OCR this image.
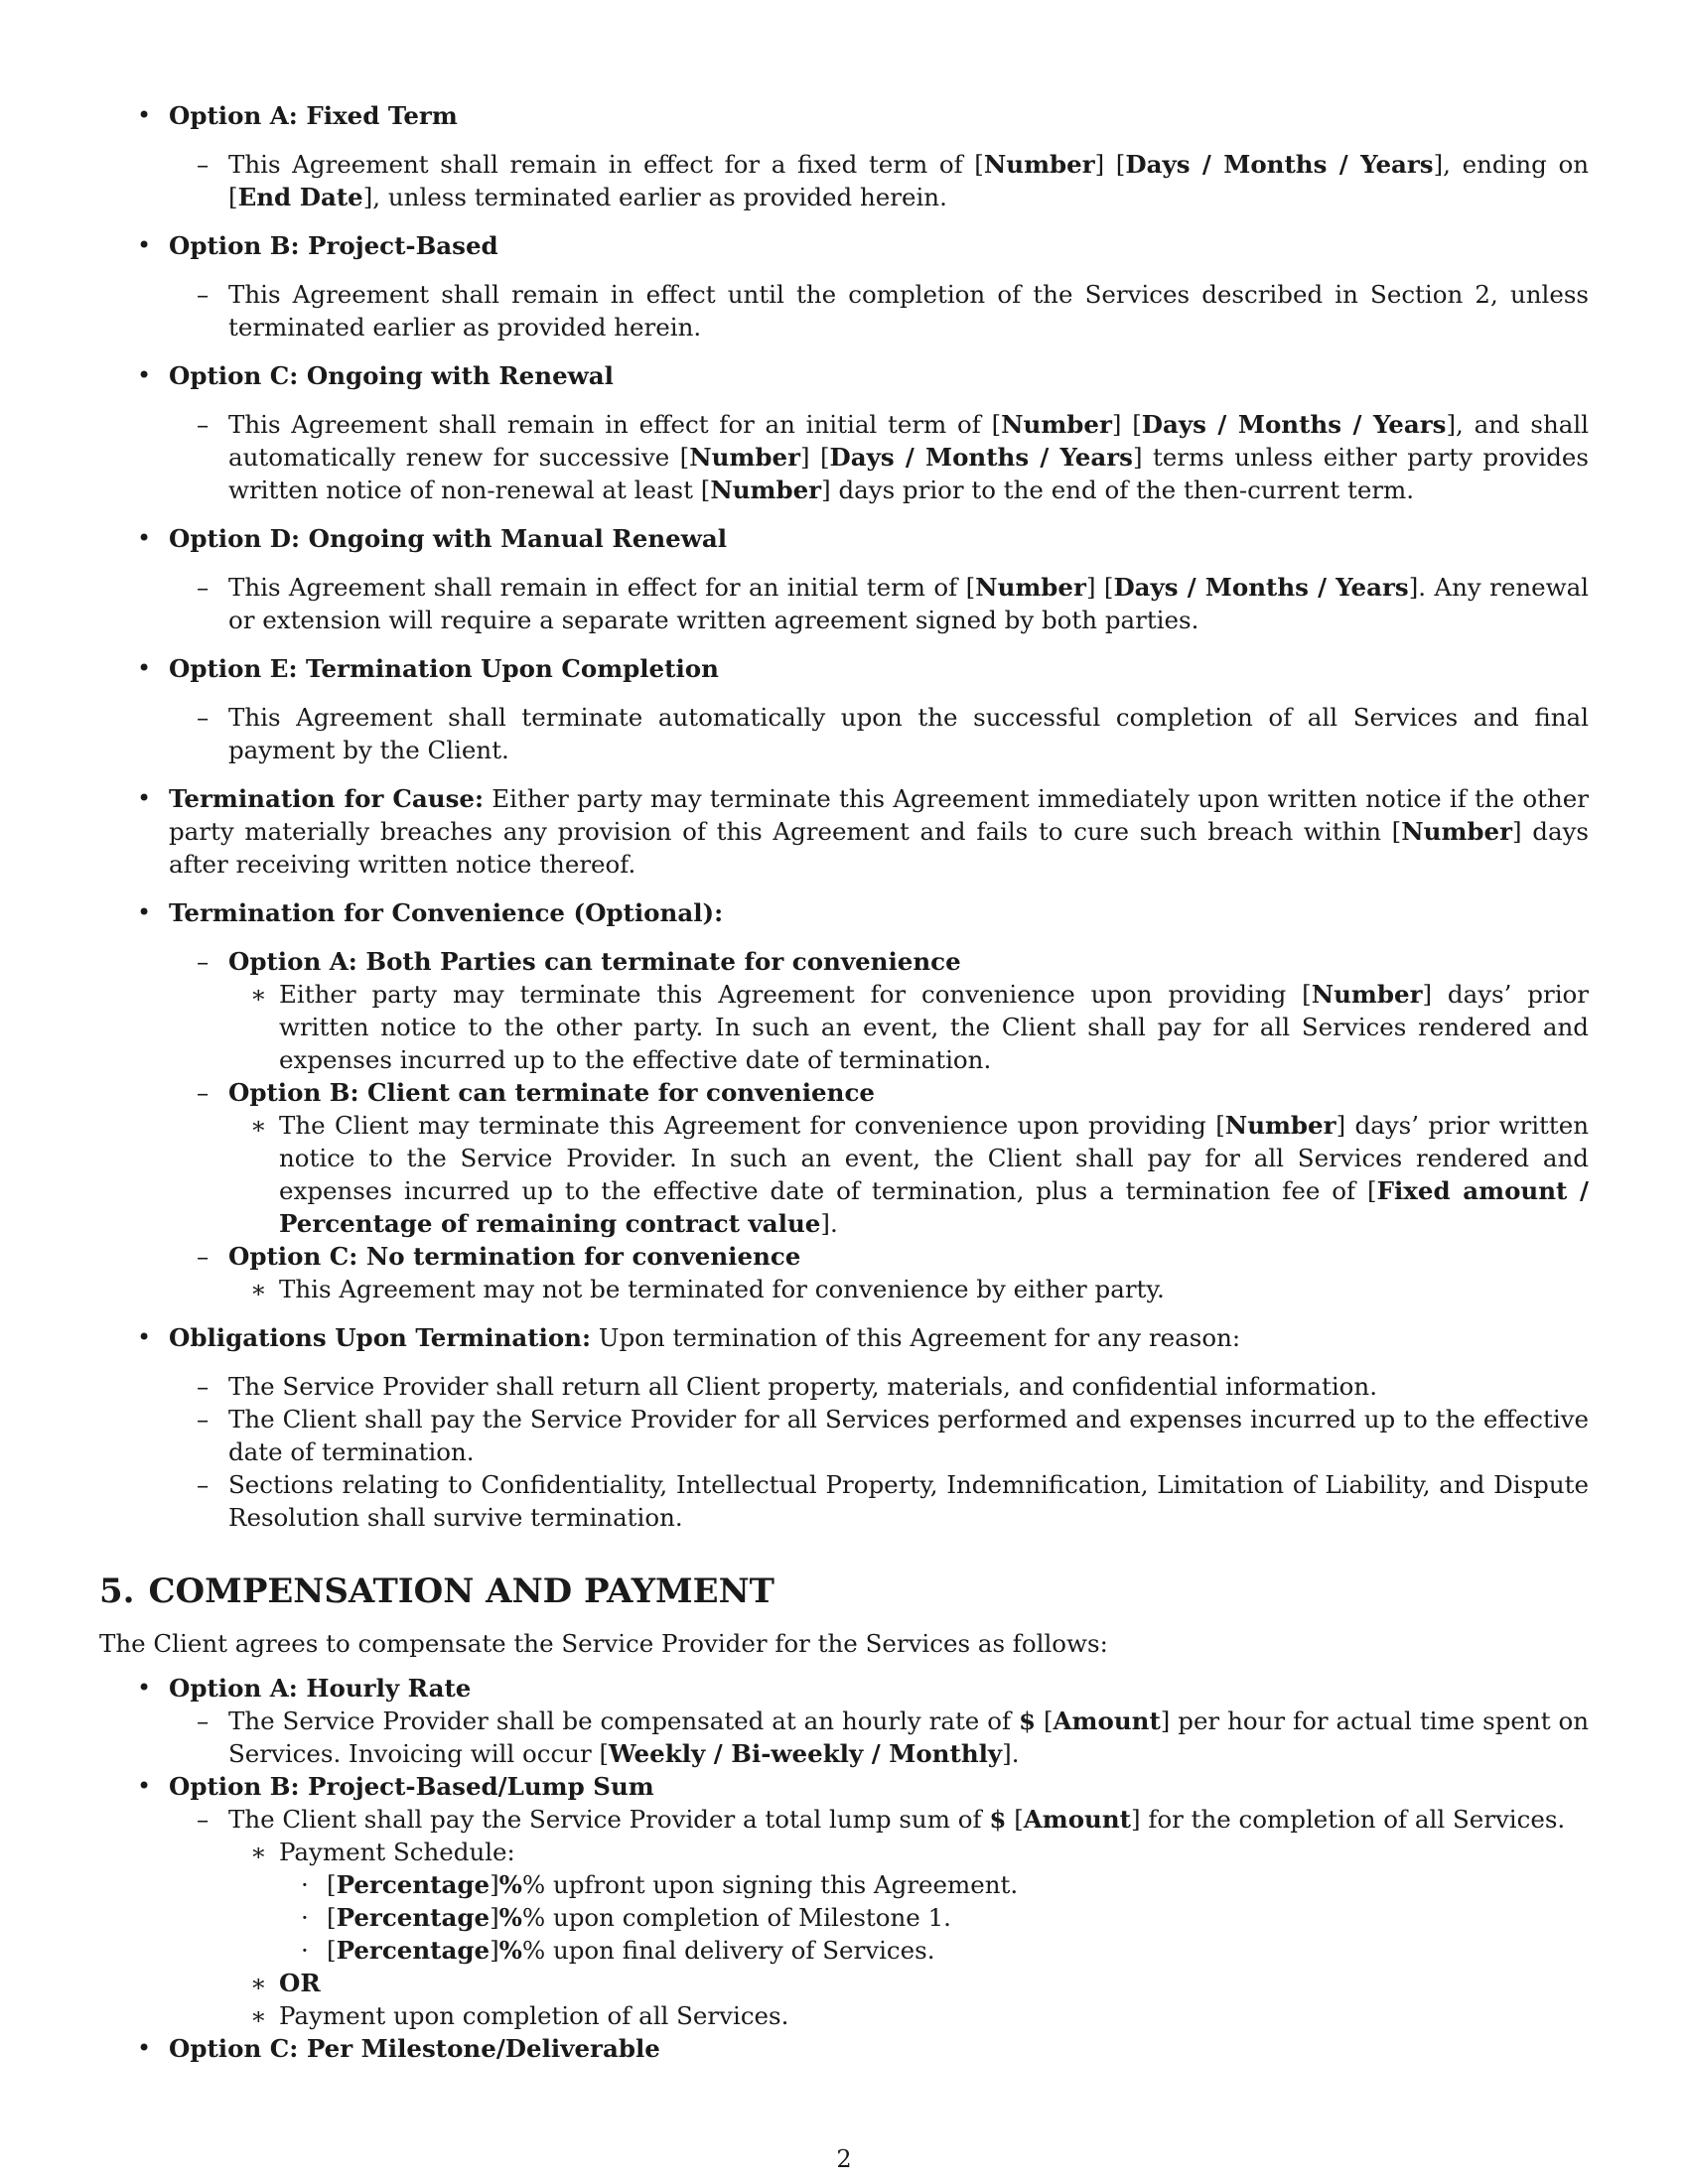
• Option A: Fixed Term
– This Agreement shall remain in effect for a fixed term of [Number] [Days / Months / Years], ending on [End Date], unless terminated earlier as provided herein.
• Option B: Project-Based
– This Agreement shall remain in effect until the completion of the Services described in Section 2, unless terminated earlier as provided herein.
• Option C: Ongoing with Renewal
– This Agreement shall remain in effect for an initial term of [Number] [Days / Months / Years], and shall automatically renew for successive [Number] [Days / Months / Years] terms unless either party provides written notice of non-renewal at least [Number] days prior to the end of the then-current term.
• Option D: Ongoing with Manual Renewal
– This Agreement shall remain in effect for an initial term of [Number] [Days / Months / Years]. Any renewal or extension will require a separate written agreement signed by both parties.
• Option E: Termination Upon Completion
– This Agreement shall terminate automatically upon the successful completion of all Services and final payment by the Client.
• Termination for Cause: Either party may terminate this Agreement immediately upon written notice if the other party materially breaches any provision of this Agreement and fails to cure such breach within [Number] days after receiving written notice thereof.
• Termination for Convenience (Optional):
– Option A: Both Parties can terminate for convenience
∗ Either party may terminate this Agreement for convenience upon providing [Number] days’ prior written notice to the other party. In such an event, the Client shall pay for all Services rendered and expenses incurred up to the effective date of termination.
– Option B: Client can terminate for convenience
∗ The Client may terminate this Agreement for convenience upon providing [Number] days’ prior written notice to the Service Provider. In such an event, the Client shall pay for all Services rendered and expenses incurred up to the effective date of termination, plus a termination fee of [Fixed amount / Percentage of remaining contract value].
– Option C: No termination for convenience
∗ This Agreement may not be terminated for convenience by either party.
• Obligations Upon Termination: Upon termination of this Agreement for any reason:
– The Service Provider shall return all Client property, materials, and confidential information.
– The Client shall pay the Service Provider for all Services performed and expenses incurred up to the effective date of termination.
– Sections relating to Confidentiality, Intellectual Property, Indemnification, Limitation of Liability, and Dispute Resolution shall survive termination.
5. COMPENSATION AND PAYMENT
The Client agrees to compensate the Service Provider for the Services as follows:
• Option A: Hourly Rate
– The Service Provider shall be compensated at an hourly rate of $ [Amount] per hour for actual time spent on Services. Invoicing will occur [Weekly / Bi-weekly / Monthly].
• Option B: Project-Based/Lump Sum
– The Client shall pay the Service Provider a total lump sum of $ [Amount] for the completion of all Services.
∗ Payment Schedule:
· [Percentage]%% upfront upon signing this Agreement.
· [Percentage]%% upon completion of Milestone 1.
· [Percentage]%% upon final delivery of Services.
∗ OR
∗ Payment upon completion of all Services.
• Option C: Per Milestone/Deliverable
2
